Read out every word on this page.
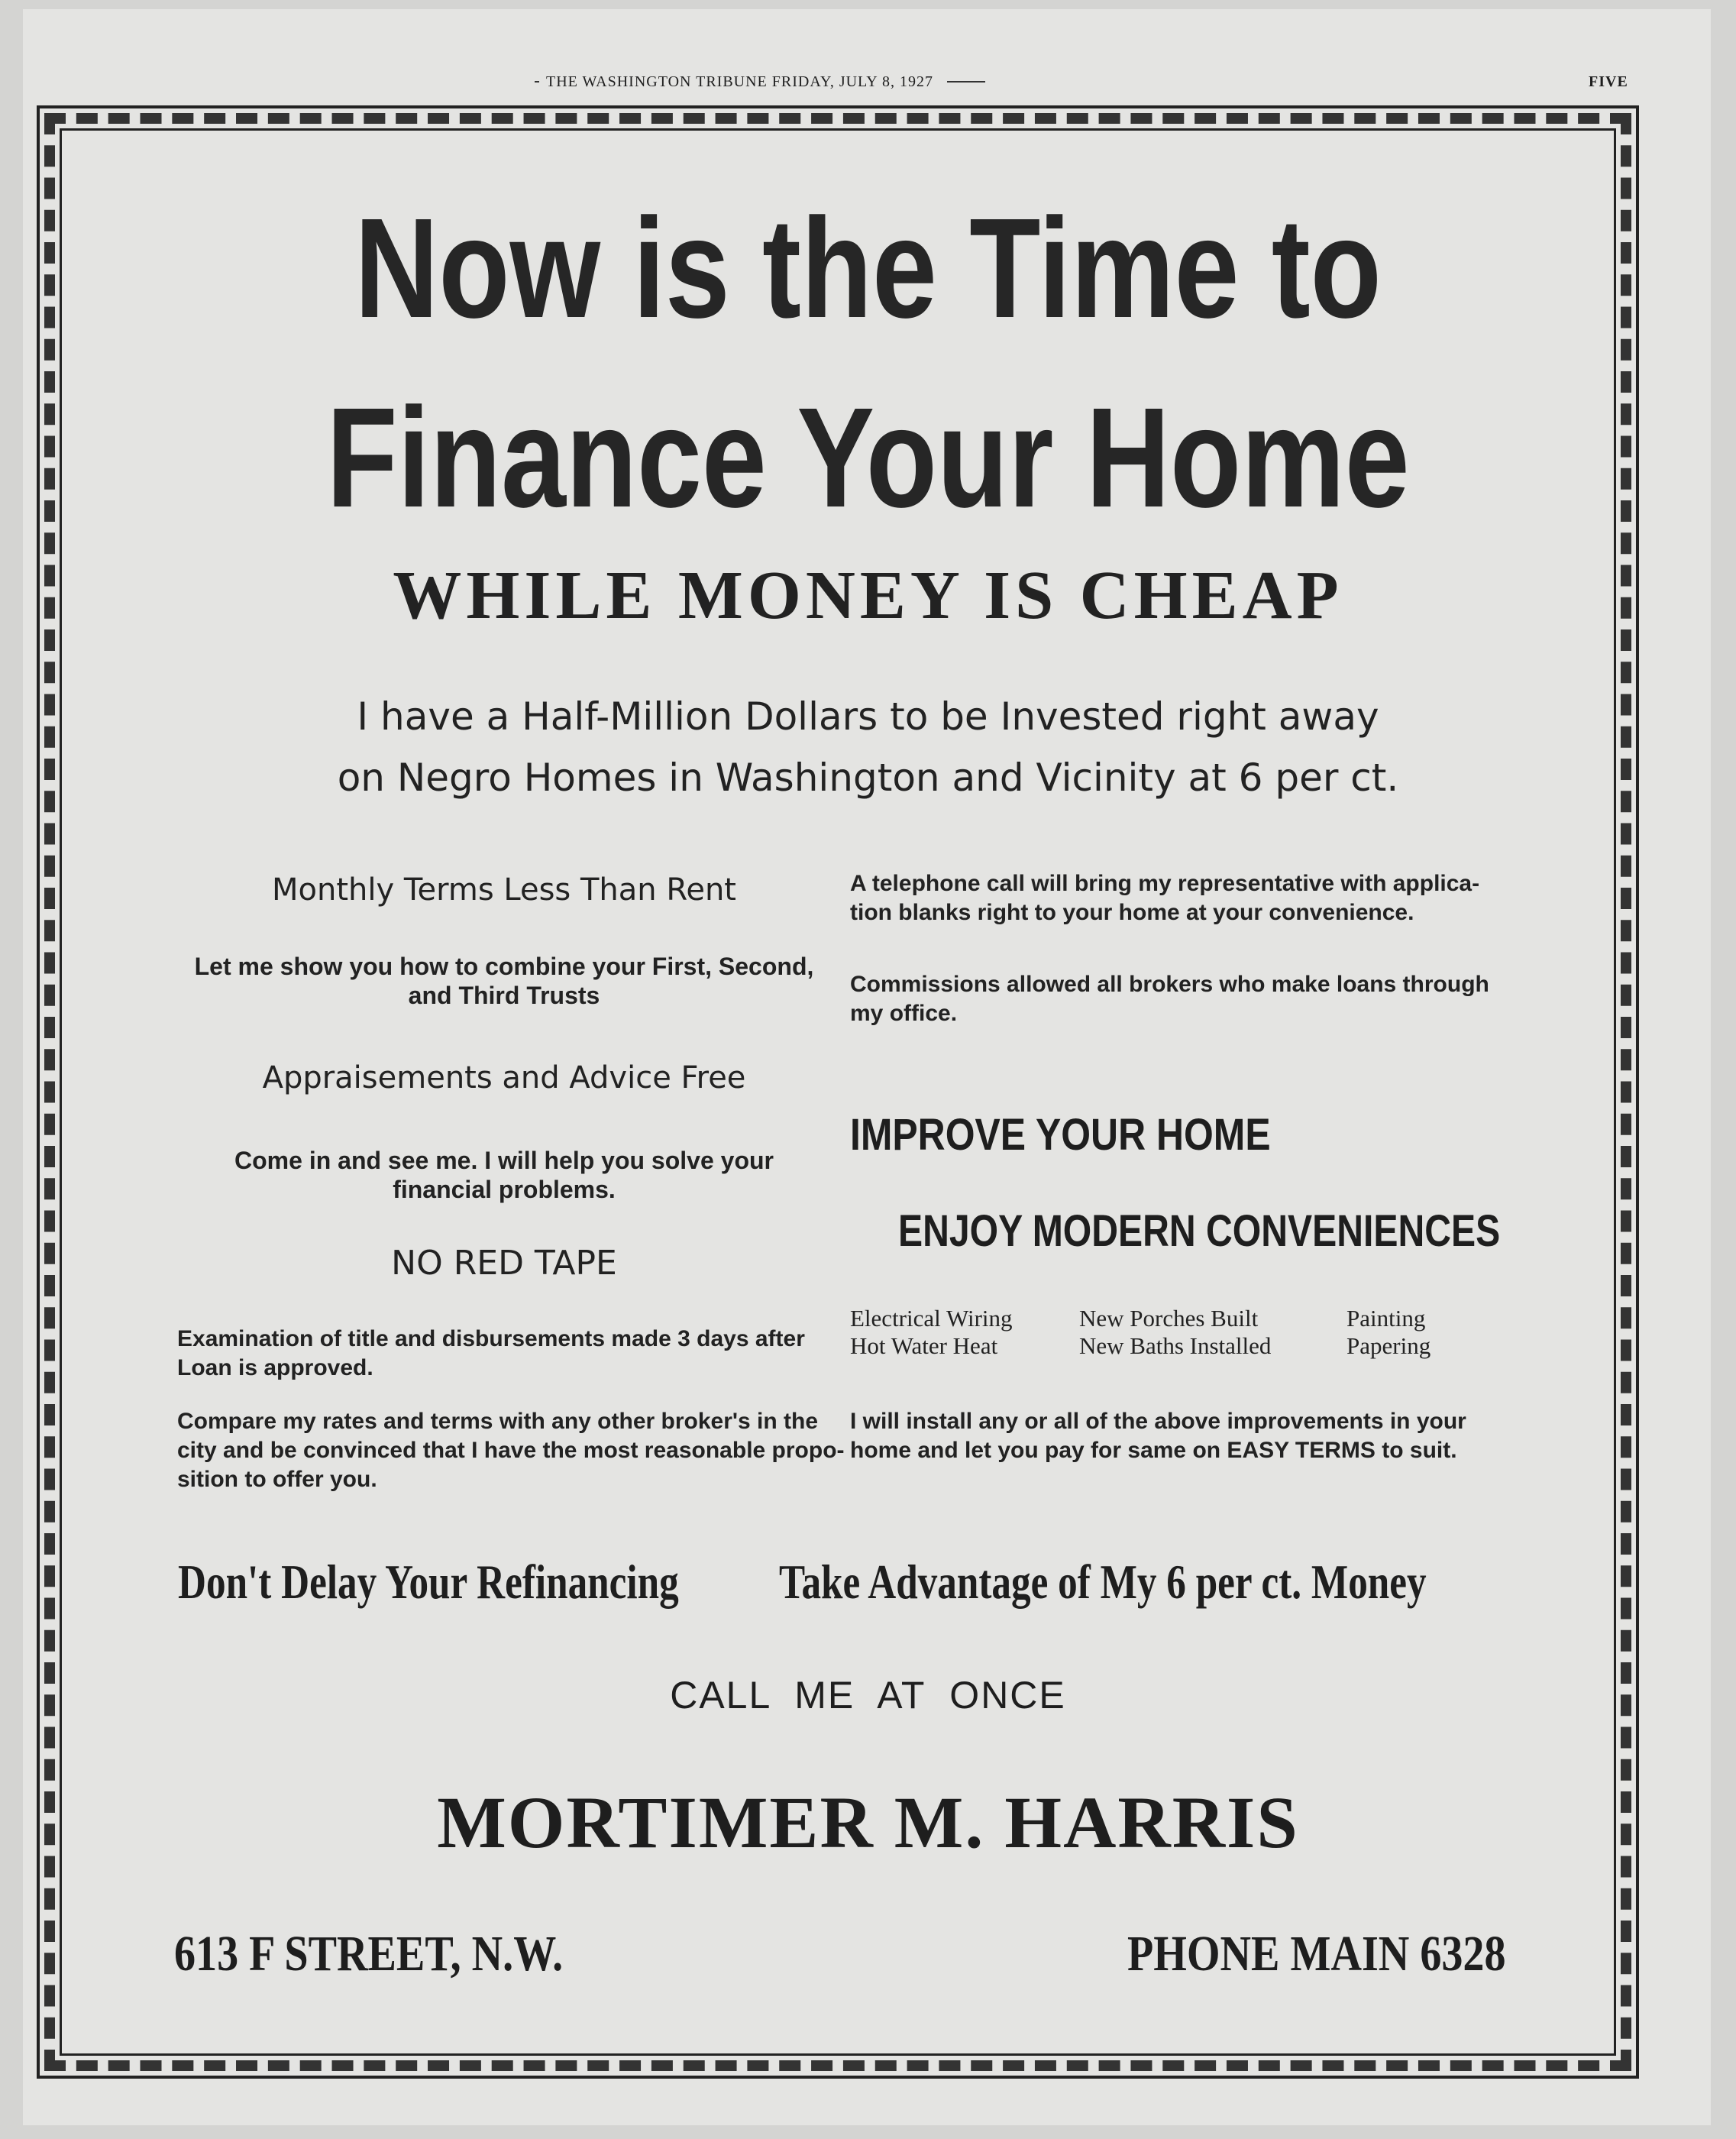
THE WASHINGTON TRIBUNE FRIDAY, JULY 8, 1927	FIVE
Now is the Time to
Finance Your Home
WHILE MONEY IS CHEAP
I have a Half-Million Dollars to be Invested right away
on Negro Homes in Washington and Vicinity at 6 per ct.
Monthly Terms Less Than Rent
Let me show you how to combine your First, Second,
and Third Trusts
Appraisements and Advice Free
Come in and see me. I will help you solve your
financial problems.
NO RED TAPE
Examination of title and disbursements made 3 days after
Loan is approved.
Compare my rates and terms with any other broker's in the
city and be convinced that I have the most reasonable propo-
sition to offer you.
A telephone call will bring my representative with applica-
tion blanks right to your home at your convenience.
Commissions allowed all brokers who make loans through
my office.
IMPROVE YOUR HOME
ENJOY MODERN CONVENIENCES
Electrical Wiring	New Porches Built	Painting
Hot Water Heat	New Baths Installed	Papering
I will install any or all of the above improvements in your
home and let you pay for same on EASY TERMS to suit.
Don't Delay Your Refinancing Take Advantage of My 6 per ct. Money
CALL  ME  AT  ONCE
MORTIMER M. HARRIS
613 F STREET, N.W.	PHONE MAIN 6328
